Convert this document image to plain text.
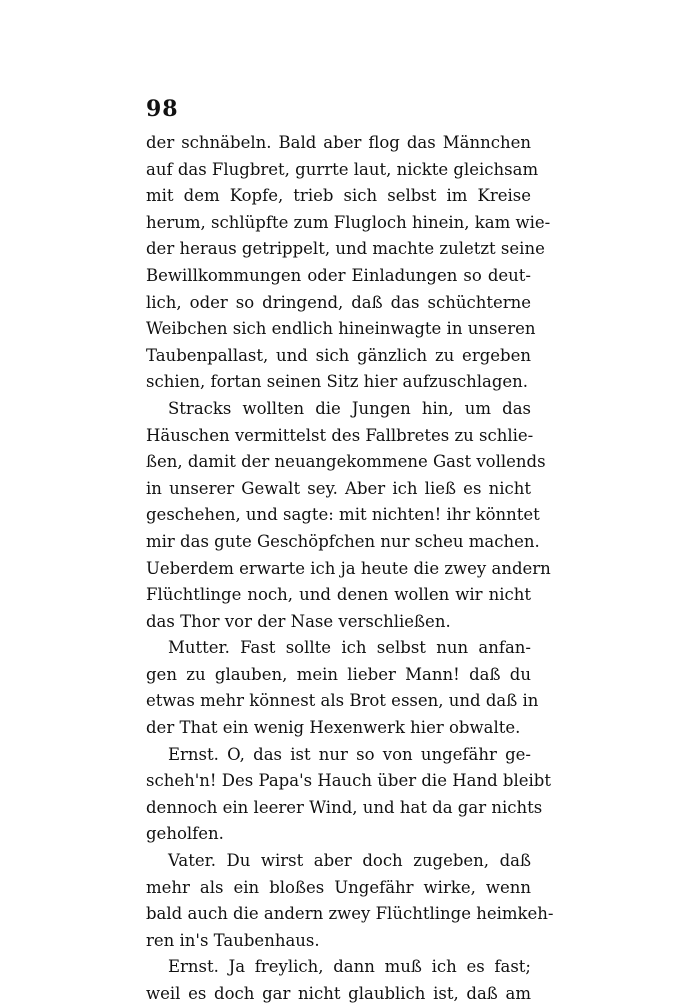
98
der schnäbeln. Bald aber flog das Männchen
auf das Flugbret, gurrte laut, nickte gleichsam
mit dem Kopfe, trieb sich selbst im Kreise
herum, schlüpfte zum Flugloch hinein, kam wie-
der heraus getrippelt, und machte zuletzt seine
Bewillkommungen oder Einladungen so deut-
lich, oder so dringend, daß das schüchterne
Weibchen sich endlich hineinwagte in unseren
Taubenpallast, und sich gänzlich zu ergeben
schien, fortan seinen Sitz hier aufzuschlagen.
Stracks wollten die Jungen hin, um das
Häuschen vermittelst des Fallbretes zu schlie-
ßen, damit der neuangekommene Gast vollends
in unserer Gewalt sey. Aber ich ließ es nicht
geschehen, und sagte: mit nichten! ihr könntet
mir das gute Geschöpfchen nur scheu machen.
Ueberdem erwarte ich ja heute die zwey andern
Flüchtlinge noch, und denen wollen wir nicht
das Thor vor der Nase verschließen.
Mutter. Fast sollte ich selbst nun anfan-
gen zu glauben, mein lieber Mann! daß du
etwas mehr könnest als Brot essen, und daß in
der That ein wenig Hexenwerk hier obwalte.
Ernst. O, das ist nur so von ungefähr ge-
scheh'n! Des Papa's Hauch über die Hand bleibt
dennoch ein leerer Wind, und hat da gar nichts
geholfen.
Vater. Du wirst aber doch zugeben, daß
mehr als ein bloßes Ungefähr wirke, wenn
bald auch die andern zwey Flüchtlinge heimkeh-
ren in's Taubenhaus.
Ernst. Ja freylich, dann muß ich es fast;
weil es doch gar nicht glaublich ist, daß am
